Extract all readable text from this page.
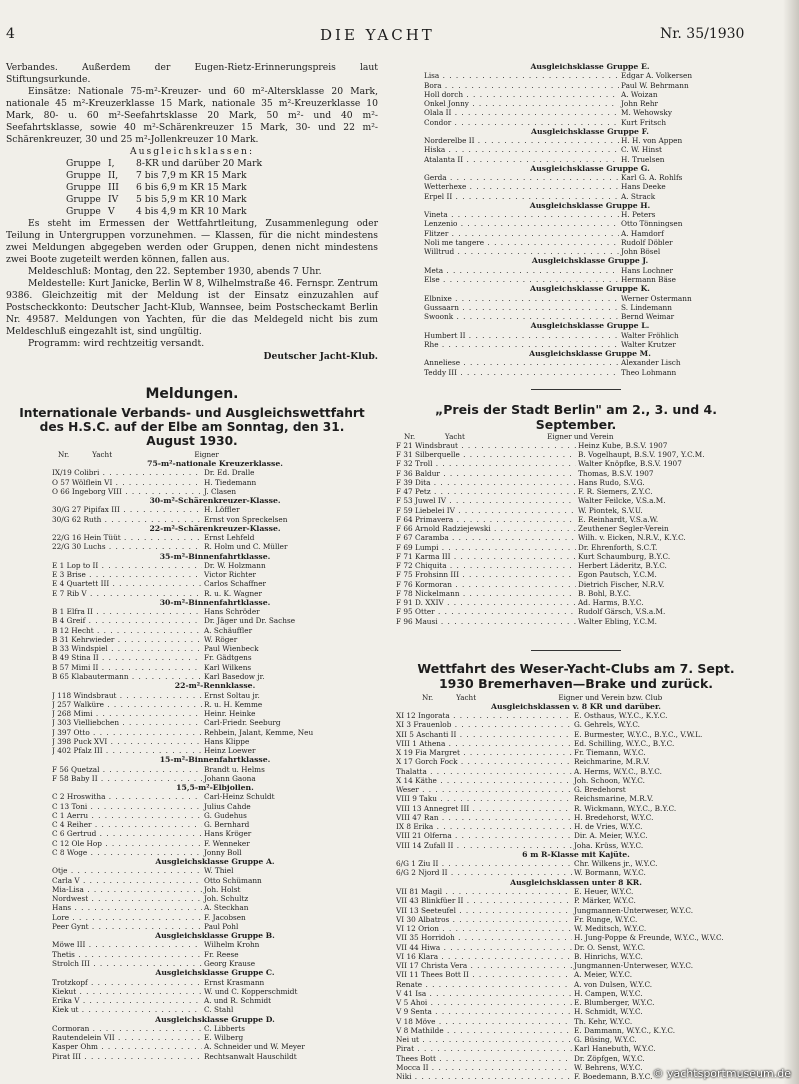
4	DIE YACHT	Nr. 35/1930

Verbandes. Außerdem der Eugen-Rietz-Erinnerungspreis laut Stiftungsurkunde.

Einsätze: Nationale 75-m²-Kreuzer- und 60 m²-Altersklasse 20 Mark, nationale 45 m²-Kreuzerklasse 15 Mark, nationale 35 m²-Kreuzerklasse 10 Mark, 80- u. 60 m²-Seefahrtsklasse 20 Mark, 50 m²- und 40 m²-Seefahrtsklasse, sowie 40 m²-Schärenkreuzer 15 Mark, 30- und 22 m²-Schärenkreuzer, 30 und 25 m²-Jollenkreuzer 10 Mark.

Ausgleichsklassen:

Gruppe I, 8-KR und darüber 20 Mark
Gruppe II, 7 bis 7,9 m KR 15 Mark
Gruppe III 6 bis 6,9 m KR 15 Mark
Gruppe IV 5 bis 5,9 m KR 10 Mark
Gruppe V 4 bis 4,9 m KR 10 Mark

Es steht im Ermessen der Wettfahrtleitung, Zusammenlegung oder Teilung in Untergruppen vorzunehmen. — Klassen, für die nicht mindestens zwei Meldungen abgegeben werden oder Gruppen, denen nicht mindestens zwei Boote zugeteilt werden können, fallen aus.

Meldeschluß: Montag, den 22. September 1930, abends 7 Uhr.

Meldestelle: Kurt Janicke, Berlin W 8, Wilhelmstraße 46. Fernspr. Zentrum 9386. Gleichzeitig mit der Meldung ist der Einsatz einzuzahlen auf Postscheckkonto: Deutscher Jacht-Klub, Wannsee, beim Postscheckamt Berlin Nr. 49587. Meldungen von Yachten, für die das Meldegeld nicht bis zum Meldeschluß eingezahlt ist, sind ungültig.

Programm: wird rechtzeitig versandt.

Deutscher Jacht-Klub.

Meldungen.

Internationale Verbands- und Ausgleichswettfahrt des H.S.C. auf der Elbe am Sonntag, den 31. August 1930.

Nr.          Yacht                                    Eigner

75-m²-nationale Kreuzerklasse.

IX/19 Colibri . . .	Dr. Ed. Dralle
O 57 Wölflein VI . . .	H. Tiedemann
O 66 Ingeborg VIII . . .	J. Clasen

30-m²-Schärenkreuzer-Klasse.

30/G 27 Pipifax III . . .	H. Löffler
30/G 62 Ruth . . .	Ernst von Spreckelsen

22-m²-Schärenkreuzer-Klasse.

22/G 16 Hein Tüüt . . .	Ernst Lehfeld
22/G 30 Luchs . . .	R. Holm und C. Müller

35-m²-Binnenfahrtklasse.

E 1 Lop to II . . .	Dr. W. Holzmann
E 3 Brise . . .	Victor Richter
E 4 Quartett III . . .	Carlos Schaffner
E 7 Rib V . . .	R. u. K. Wagner

30-m²-Binnenfahrtklasse.

B 1 Elfra II . . .	Hans Schröder
B 4 Greif . . .	Dr. Jäger und Dr. Sachse
B 12 Hecht . . .	A. Schäuffler
B 31 Kehrwieder . . .	W. Röger
B 33 Windspiel . . .	Paul Wienbeck
B 49 Stina II . . .	Fr. Gädtgens
B 57 Mimi II . . .	Karl Wilkens
B 65 Klabautermann . . .	Karl Basedow jr.

22-m²-Rennklasse.

J 118 Windsbraut . . .	Ernst Soltau jr.
J 257 Walküre . . .	R. u. H. Kemme
J 268 Mimi . . .	Heinr. Heinke
J 303 Vielliebchen . . .	Carl-Friedr. Seeburg
J 397 Otto . . .	Rehbein, Jalant, Kemme, Neu
J 398 Puck XVI . . .	Hans Klippe
J 402 Pfalz III . . .	Heinz Loewer

15-m²-Binnenfahrtklasse.

F 56 Quetzal . . .	Brandt u. Helms
F 58 Baby II . . .	Johann Gaona

15,5-m²-Elbjollen.

C 2 Hroswitha . . .	Carl-Heinz Schuldt
C 13 Toni . . .	Julius Cahde
C 1 Aerru . . .	G. Gudehus
C 4 Reiher . . .	G. Bernhard
C 6 Gertrud . . .	Hans Kröger
C 12 Ole Hop . . .	F. Wenneker
C 8 Woge . . .	Jonny Boll

Ausgleichsklasse Gruppe A.

Otje . . .	W. Thiel
Carla V . . .	Otto Schümann
Mia-Lisa . . .	Joh. Holst
Nordwest . . .	Joh. Schultz
Hans . . .	A. Steckhan
Lore . . .	F. Jacobsen
Peer Gynt . . .	Paul Pohl

Ausgleichsklasse Gruppe B.

Möwe III . . .	Wilhelm Krohn
Thetis . . .	Fr. Reese
Strolch III . . .	Georg Krause

Ausgleichsklasse Gruppe C.

Trotzkopf . . .	Ernst Krasmann
Kiekut . . .	W. und C. Kopperschmidt
Erika V . . .	A. und R. Schmidt
Kiek ut . . .	C. Stahl

Ausgleichsklasse Gruppe D.

Cormoran . . .	C. Libberts
Rautendelein VII . . .	E. Wilberg
Kasper Ohm . . .	A. Schneider und W. Meyer
Pirat III . . .	Rechtsanwalt Hauschildt

Ausgleichsklasse Gruppe E.

Lisa . . .	Edgar A. Volkersen
Bora . . .	Paul W. Behrmann
Holl dorch . . .	A. Woizan
Onkel Jonny . . .	John Rehr
Olala II . . .	M. Wehowsky
Condor . . .	Kurt Fritsch

Ausgleichsklasse Gruppe F.

Norderelbe II . . .	H. H. von Appen
Hiska . . .	C. W. Hinst
Atalanta II . . .	H. Truelsen

Ausgleichsklasse Gruppe G.

Gerda . . .	Karl G. A. Rohlfs
Wetterhexe . . .	Hans Deeke
Erpel II . . .	A. Strack

Ausgleichsklasse Gruppe H.

Vineta . . .	H. Peters
Lenzenio . . .	Otto Tönningsen
Flitzer . . .	A. Hamdorf
Noli me tangere . . .	Rudolf Döbler
Willtrud . . .	John Bösel

Ausgleichsklasse Gruppe J.

Meta . . .	Hans Lochner
Else . . .	Hermann Bäse

Ausgleichsklasse Gruppe K.

Elbnixe . . .	Werner Ostermann
Gussaarn . . .	S. Lindemann
Swoonk . . .	Bernd Weimar

Ausgleichsklasse Gruppe L.

Humbert II . . .	Walter Fröhlich
Rhe . . .	Walter Krutzer

Ausgleichsklasse Gruppe M.

Anneliese . . .	Alexander Lisch
Teddy III . . .	Theo Lohmann

„Preis der Stadt Berlin" am 2., 3. und 4. September.

Nr.             Yacht                                    Eigner und Verein

F 21 Windsbraut . . .	Heinz Kube, B.S.V. 1907
F 31 Silberquelle . . .	B. Vogelhaupt, B.S.V. 1907, Y.C.M.
F 32 Troll . . .	Walter Knöpfke, B.S.V. 1907
F 36 Baldur . . .	Thomas, B.S.V. 1907
F 39 Dita . . .	Hans Rudo, S.V.G.
F 47 Petz . . .	F. R. Siemers, Z.Y.C.
F 53 Juwel IV . . .	Walter Feilcke, V.S.a.M.
F 59 Liebelei IV . . .	W. Piontek, S.V.U.
F 64 Primavera . . .	E. Reinhardt, V.S.a.W.
F 66 Arnold Radziejewski . . .	Zeuthener Segler-Verein
F 67 Caramba . . .	Wilh. v. Eicken, N.R.V., K.Y.C.
F 69 Lumpi . . .	Dr. Ehrenforth, S.C.T.
F 71 Karma III . . .	Kurt Schaumburg, B.Y.C.
F 72 Chiquita . . .	Herbert Läderitz, B.Y.C.
F 75 Frohsinn III . . .	Egon Pautsch, Y.C.M.
F 76 Kormoran . . .	Dietrich Fischer, N.R.V.
F 78 Nickelmann . . .	B. Bohl, B.Y.C.
F 91 D. XXIV . . .	Ad. Harms, B.Y.C.
F 95 Otter . . .	Rudolf Gärsch, V.S.a.M.
F 96 Mausi . . .	Walter Ebling, Y.C.M.

Wettfahrt des Weser-Yacht-Clubs am 7. Sept. 1930 Bremerhaven—Brake und zurück.

Nr.          Yacht                                    Eigner und Verein bzw. Club

Ausgleichsklassen v. 8 KR und darüber.

XI 12 Ingorata . . .	E. Osthaus, W.Y.C., K.Y.C.
XI 3 Frauenlob . . .	G. Gehrels, W.Y.C.
XII 5 Aschanti II . . .	E. Burmester, W.Y.C., B.Y.C., V.W.L.
VIII 1 Athena . . .	Ed. Schilling, W.Y.C., B.Y.C.
X 19 Fia Margret . . .	Fr. Tiemann, W.Y.C.
X 17 Gorch Fock . . .	Reichmarine, M.R.V.
Thalatta . . .	A. Herms, W.Y.C., B.Y.C.
X 14 Käthe . . .	Joh. Schoon, W.Y.C.
Weser . . .	G. Bredehorst
VIII 9 Taku . . .	Reichsmarine, M.R.V.
VIII 13 Annegret III . . .	R. Wickmann, W.Y.C., B.Y.C.
VIII 47 Ran . . .	H. Bredehorst, W.Y.C.
IX 8 Erika . . .	H. de Vries, W.Y.C.
VIII 21 Olferna . . .	Dir. A. Meier, W.Y.C.
VIII 14 Zufall II . . .	Joha. Krüss, W.Y.C.

6 m R-Klasse mit Kajüte.

6/G 1 Ziu II . . .	Chr. Wilkens jr., W.Y.C.
6/G 2 Njord II . . .	W. Bormann, W.Y.C.

Ausgleichsklassen unter 8 KR.

VII 81 Magil . . .	E. Heuer, W.Y.C.
VII 43 Blinkfüer II . . .	P. Märker, W.Y.C.
VII 13 Seeteufel . . .	Jungmannen-Unterweser, W.Y.C.
VI 30 Albatros . . .	Fr. Runge, W.Y.C.
VI 12 Orion . . .	W. Meditsch, W.Y.C.
VII 35 Horridoh . . .	H. Jung-Poppe & Freunde, W.Y.C., W.V.C.
VII 44 Hiwa . . .	Dr. O. Senst, W.Y.C.
VI 16 Klara . . .	B. Hinrichs, W.Y.C.
VII 17 Christa Vera . . .	Jungmannen-Unterweser, W.Y.C.
VII 11 Thees Bott II . . .	A. Meier, W.Y.C.
Renate . . .	A. von Dulsen, W.Y.C.
V 41 Isa . . .	H. Campen, W.Y.C.
V 5 Ahoi . . .	E. Blumberger, W.Y.C.
V 9 Senta . . .	H. Schmidt, W.Y.C.
V 18 Möve . . .	Th. Kehr, W.Y.C.
V 8 Mathilde . . .	E. Dammann, W.Y.C., K.Y.C.
Nei ut . . .	G. Büsing, W.Y.C.
Pirat . . .	Karl Hanebuth, W.Y.C.
Thees Bott . . .	Dr. Zöpfgen, W.Y.C.
Mocca II . . .	W. Behrens, W.Y.C.
Niki . . .	F. Boedemann, B.Y.C. © yachtsportmuseum.de
